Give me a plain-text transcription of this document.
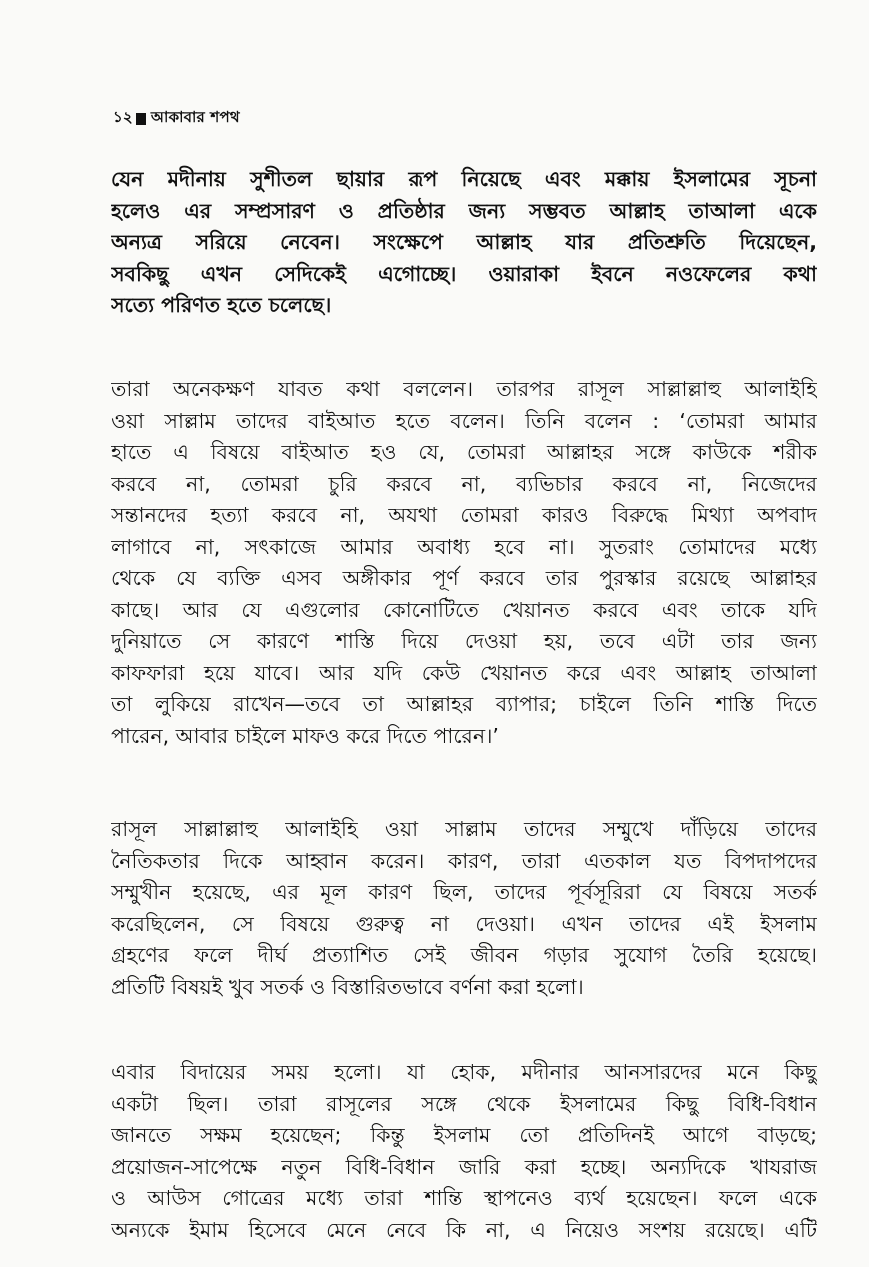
১২ আকাবার শপথ
যেন মদীনায় সুশীতল ছায়ার রূপ নিয়েছে এবং মক্কায় ইসলামের সূচনা
হলেও এর সম্প্রসারণ ও প্রতিষ্ঠার জন্য সম্ভবত আল্লাহ তাআলা একে
অন্যত্র সরিয়ে নেবেন। সংক্ষেপে আল্লাহ যার প্রতিশ্রুতি দিয়েছেন,
সবকিছু এখন সেদিকেই এগোচ্ছে। ওয়ারাকা ইবনে নওফেলের কথা
সত্যে পরিণত হতে চলেছে।
তারা অনেকক্ষণ যাবত কথা বললেন। তারপর রাসূল সাল্লাল্লাহু আলাইহি
ওয়া সাল্লাম তাদের বাইআত হতে বলেন। তিনি বলেন : ‘তোমরা আমার
হাতে এ বিষয়ে বাইআত হও যে, তোমরা আল্লাহর সঙ্গে কাউকে শরীক
করবে না, তোমরা চুরি করবে না, ব্যভিচার করবে না, নিজেদের
সন্তানদের হত্যা করবে না, অযথা তোমরা কারও বিরুদ্ধে মিথ্যা অপবাদ
লাগাবে না, সৎকাজে আমার অবাধ্য হবে না। সুতরাং তোমাদের মধ্যে
থেকে যে ব্যক্তি এসব অঙ্গীকার পূর্ণ করবে তার পুরস্কার রয়েছে আল্লাহর
কাছে। আর যে এগুলোর কোনোটিতে খেয়ানত করবে এবং তাকে যদি
দুনিয়াতে সে কারণে শাস্তি দিয়ে দেওয়া হয়, তবে এটা তার জন্য
কাফফারা হয়ে যাবে। আর যদি কেউ খেয়ানত করে এবং আল্লাহ তাআলা
তা লুকিয়ে রাখেন—তবে তা আল্লাহর ব্যাপার; চাইলে তিনি শাস্তি দিতে
পারেন, আবার চাইলে মাফও করে দিতে পারেন।’
রাসূল সাল্লাল্লাহু আলাইহি ওয়া সাল্লাম তাদের সম্মুখে দাঁড়িয়ে তাদের
নৈতিকতার দিকে আহ্বান করেন। কারণ, তারা এতকাল যত বিপদাপদের
সম্মুখীন হয়েছে, এর মূল কারণ ছিল, তাদের পূর্বসূরিরা যে বিষয়ে সতর্ক
করেছিলেন, সে বিষয়ে গুরুত্ব না দেওয়া। এখন তাদের এই ইসলাম
গ্রহণের ফলে দীর্ঘ প্রত্যাশিত সেই জীবন গড়ার সুযোগ তৈরি হয়েছে।
প্রতিটি বিষয়ই খুব সতর্ক ও বিস্তারিতভাবে বর্ণনা করা হলো।
এবার বিদায়ের সময় হলো। যা হোক, মদীনার আনসারদের মনে কিছু
একটা ছিল। তারা রাসূলের সঙ্গে থেকে ইসলামের কিছু বিধি-বিধান
জানতে সক্ষম হয়েছেন; কিন্তু ইসলাম তো প্রতিদিনই আগে বাড়ছে;
প্রয়োজন-সাপেক্ষে নতুন বিধি-বিধান জারি করা হচ্ছে। অন্যদিকে খাযরাজ
ও আউস গোত্রের মধ্যে তারা শান্তি স্থাপনেও ব্যর্থ হয়েছেন। ফলে একে
অন্যকে ইমাম হিসেবে মেনে নেবে কি না, এ নিয়েও সংশয় রয়েছে। এটি
